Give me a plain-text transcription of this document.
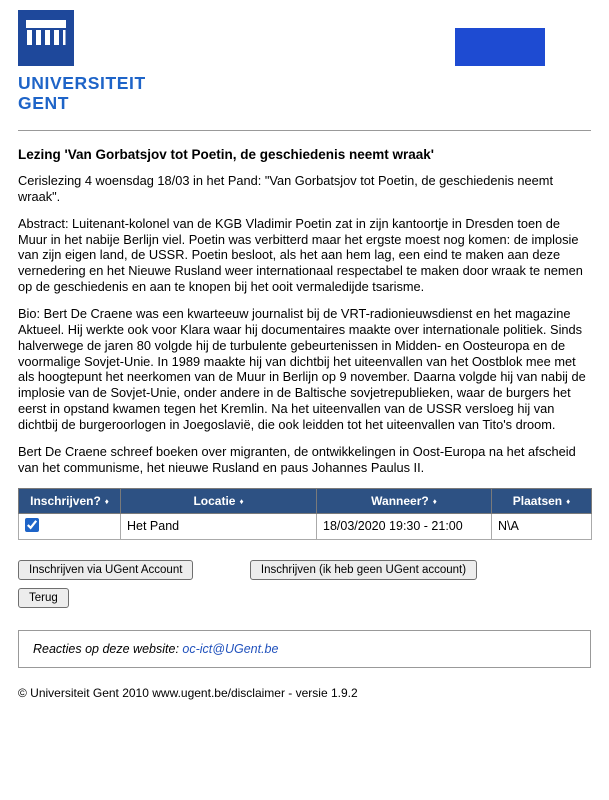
UNIVERSITEIT
GENT
Lezing 'Van Gorbatsjov tot Poetin, de geschiedenis neemt wraak'

Cerislezing 4 woensdag 18/03 in het Pand: "Van Gorbatsjov tot Poetin, de geschiedenis neemt wraak".

Abstract: Luitenant-kolonel van de KGB Vladimir Poetin zat in zijn kantoortje in Dresden toen de Muur in het nabije Berlijn viel. Poetin was verbitterd maar het ergste moest nog komen: de implosie van zijn eigen land, de USSR. Poetin besloot, als het aan hem lag, een eind te maken aan deze vernedering en het Nieuwe Rusland weer internationaal respectabel te maken door wraak te nemen op de geschiedenis en aan te knopen bij het ooit vermaledijde tsarisme.

Bio: Bert De Craene was een kwarteeuw journalist bij de VRT-radionieuwsdienst en het magazine Aktueel. Hij werkte ook voor Klara waar hij documentaires maakte over internationale politiek. Sinds halverwege de jaren 80 volgde hij de turbulente gebeurtenissen in Midden- en Oosteuropa en de voormalige Sovjet-Unie. In 1989 maakte hij van dichtbij het uiteenvallen van het Oostblok mee met als hoogtepunt het neerkomen van de Muur in Berlijn op 9 november. Daarna volgde hij van nabij de implosie van de Sovjet-Unie, onder andere in de Baltische sovjetrepublieken, waar de burgers het eerst in opstand kwamen tegen het Kremlin. Na het uiteenvallen van de USSR versloeg hij van dichtbij de burgeroorlogen in Joegoslavië, die ook leidden tot het uiteenvallen van Tito's droom.

Bert De Craene schreef boeken over migranten, de ontwikkelingen in Oost-Europa na het afscheid van het communisme, het nieuwe Rusland en paus Johannes Paulus II.

Inschrijven? ♦	Locatie ♦	Wanneer? ♦	Plaatsen ♦
	Het Pand	18/03/2020 19:30 - 21:00	N\A
Inschrijven via UGent Account	Inschrijven (ik heb geen UGent account)
Terug
Reacties op deze website: oc-ict@UGent.be
© Universiteit Gent 2010 www.ugent.be/disclaimer - versie 1.9.2
